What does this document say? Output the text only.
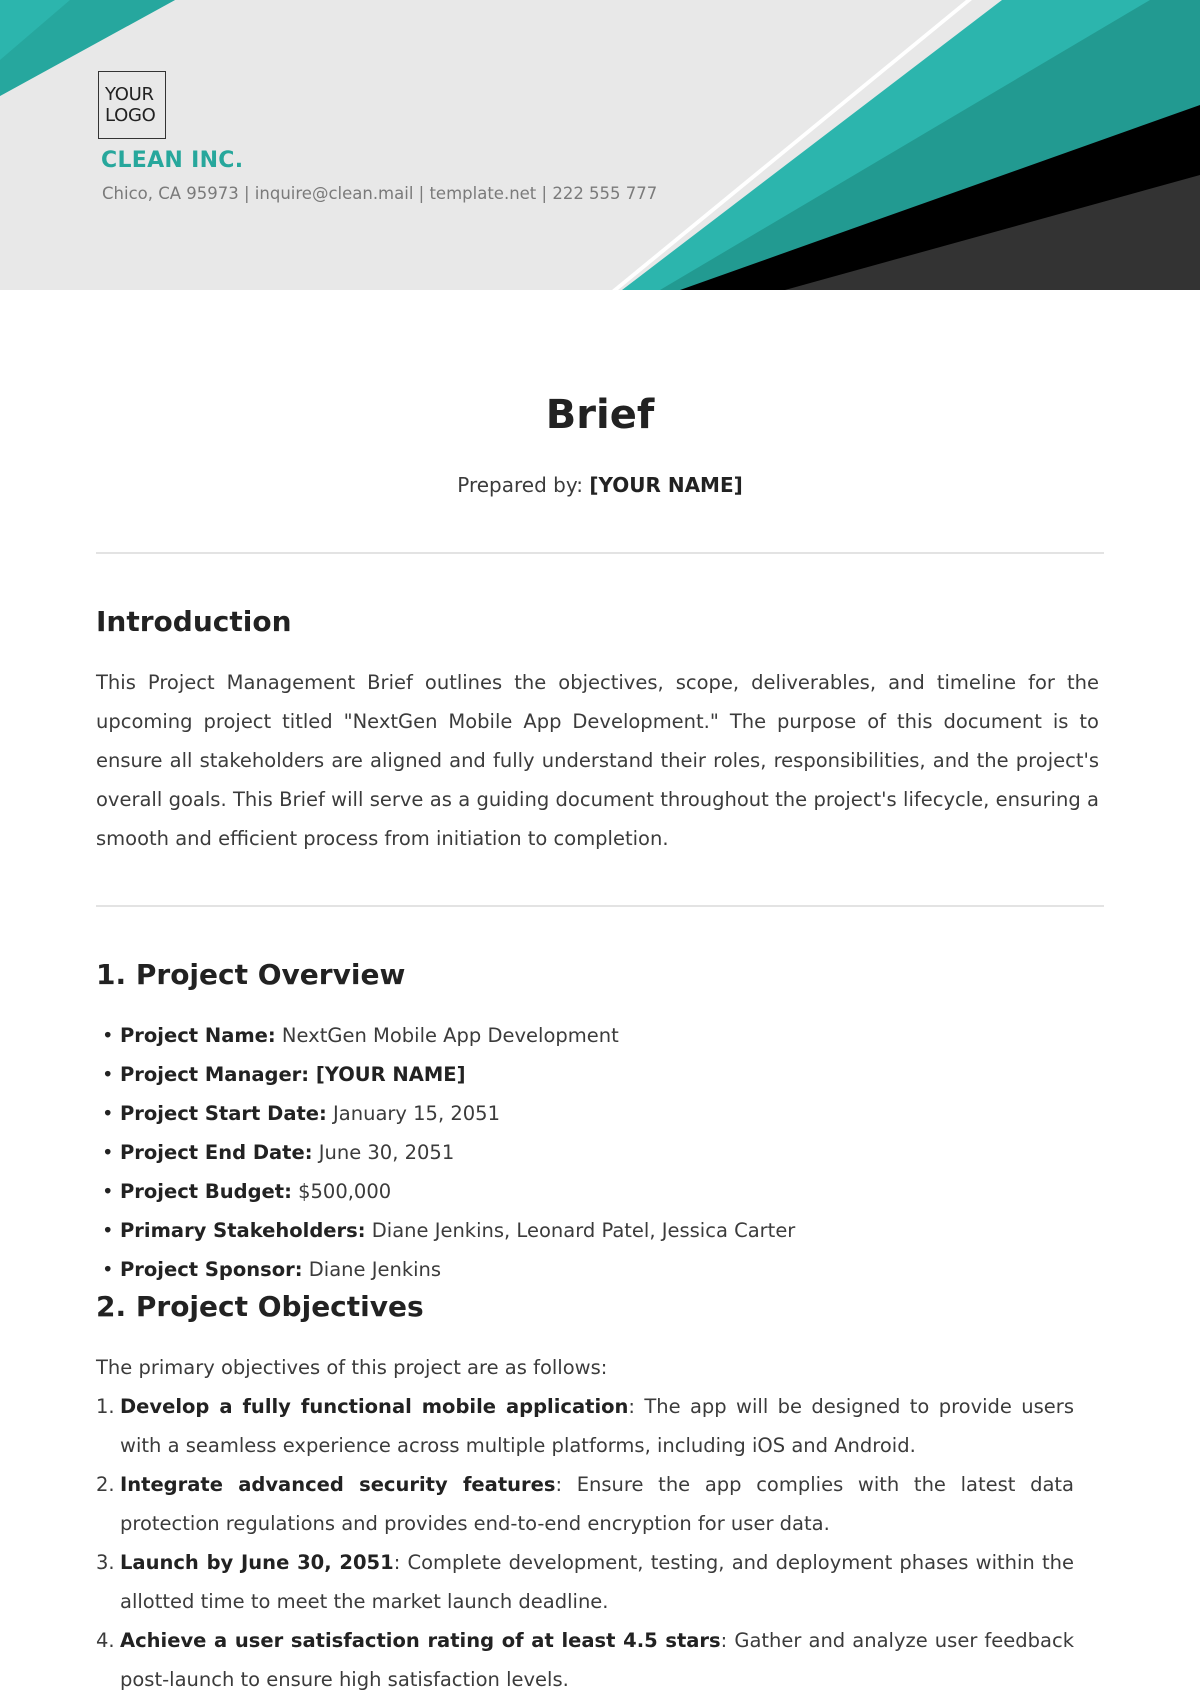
YOUR
LOGO
CLEAN INC.
Chico, CA 95973 | inquire@clean.mail | template.net | 222 555 777
Brief
Prepared by: [YOUR NAME]
Introduction

This Project Management Brief outlines the objectives, scope, deliverables, and timeline for the upcoming project titled "NextGen Mobile App Development." The purpose of this document is to ensure all stakeholders are aligned and fully understand their roles, responsibilities, and the project's overall goals. This Brief will serve as a guiding document throughout the project's lifecycle, ensuring a smooth and efficient process from initiation to completion.

1. Project Overview
• Project Name: NextGen Mobile App Development
• Project Manager: [YOUR NAME]
• Project Start Date: January 15, 2051
• Project End Date: June 30, 2051
• Project Budget: $500,000
• Primary Stakeholders: Diane Jenkins, Leonard Patel, Jessica Carter
• Project Sponsor: Diane Jenkins
2. Project Objectives
The primary objectives of this project are as follows:
1. Develop a fully functional mobile application: The app will be designed to provide users with a seamless experience across multiple platforms, including iOS and Android.
2. Integrate advanced security features: Ensure the app complies with the latest data protection regulations and provides end-to-end encryption for user data.
3. Launch by June 30, 2051: Complete development, testing, and deployment phases within the allotted time to meet the market launch deadline.
4. Achieve a user satisfaction rating of at least 4.5 stars: Gather and analyze user feedback post-launch to ensure high satisfaction levels.
